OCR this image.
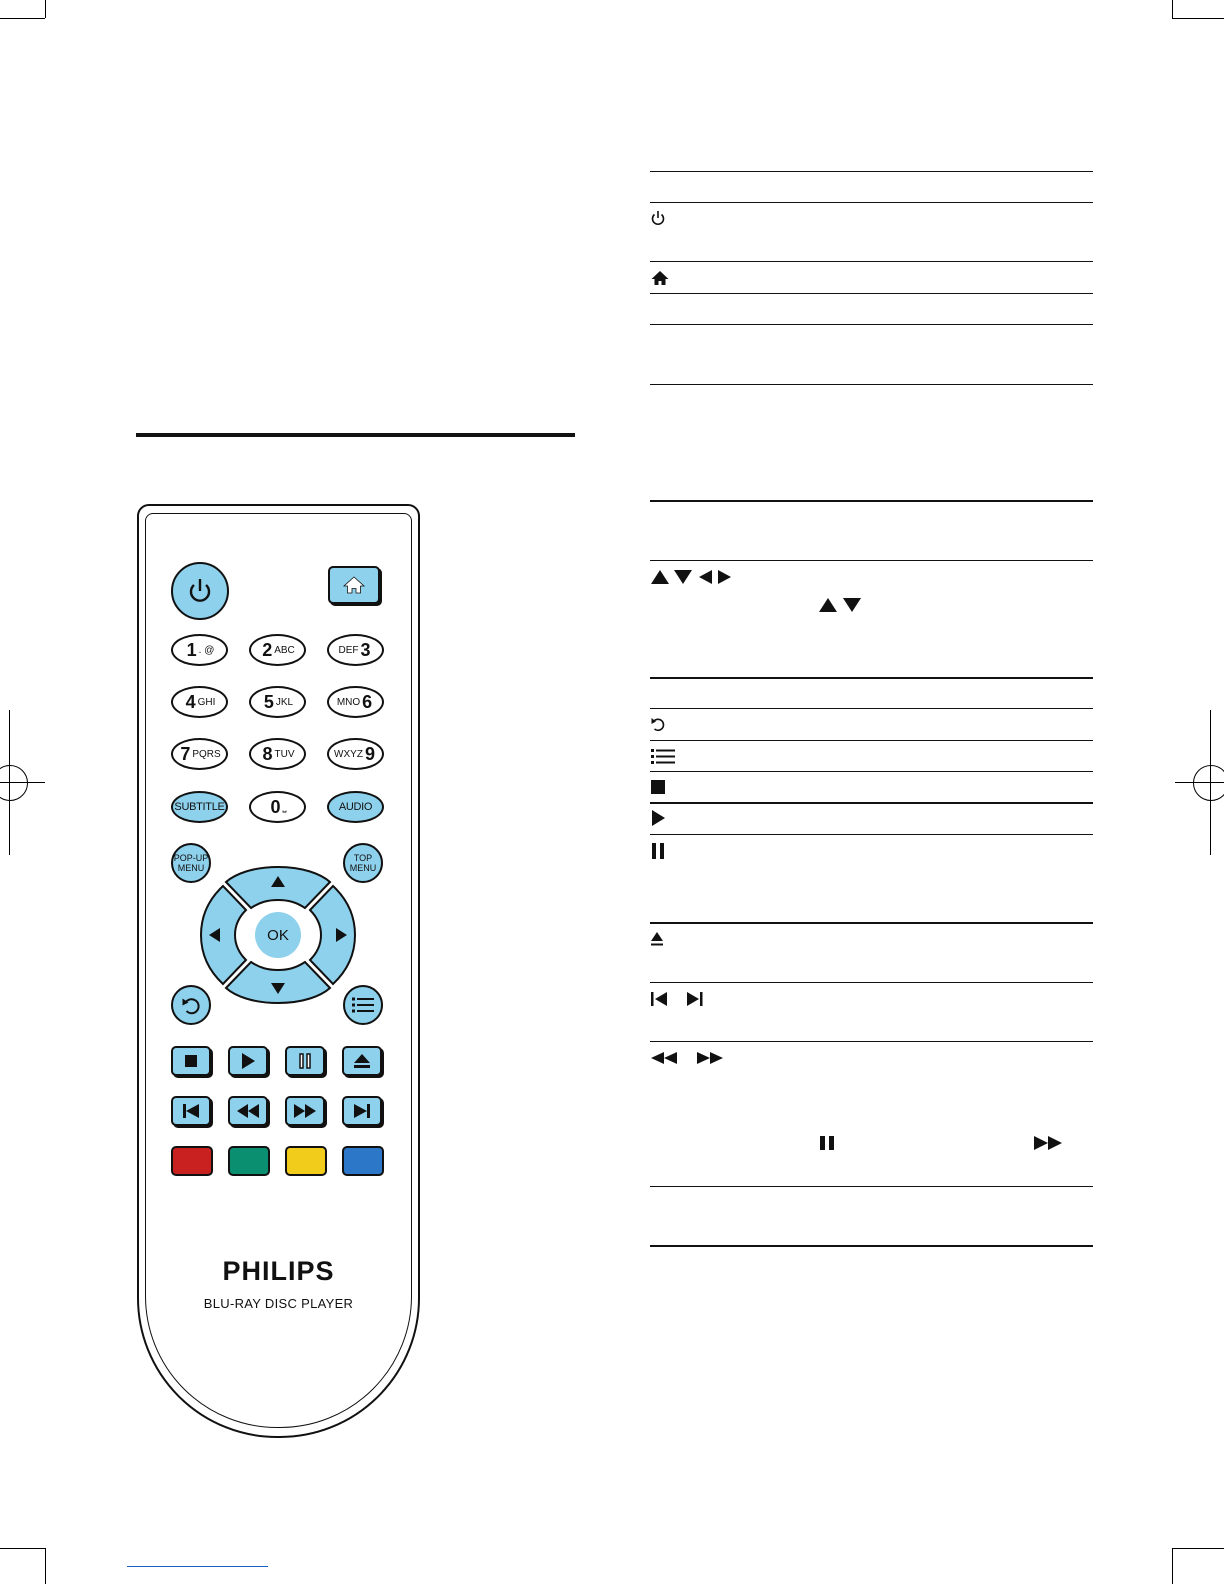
1 . @	2 ABC	DEF 3
4 GHI	5 JKL	MNO 6
7 PQRS 8 TUV	WXYZ 9
SUBTITLE	0 ⎵	AUDIO
POP-UP MENU
TOP MENU
OK
PHILIPS
BLU-RAY DISC PLAYER
